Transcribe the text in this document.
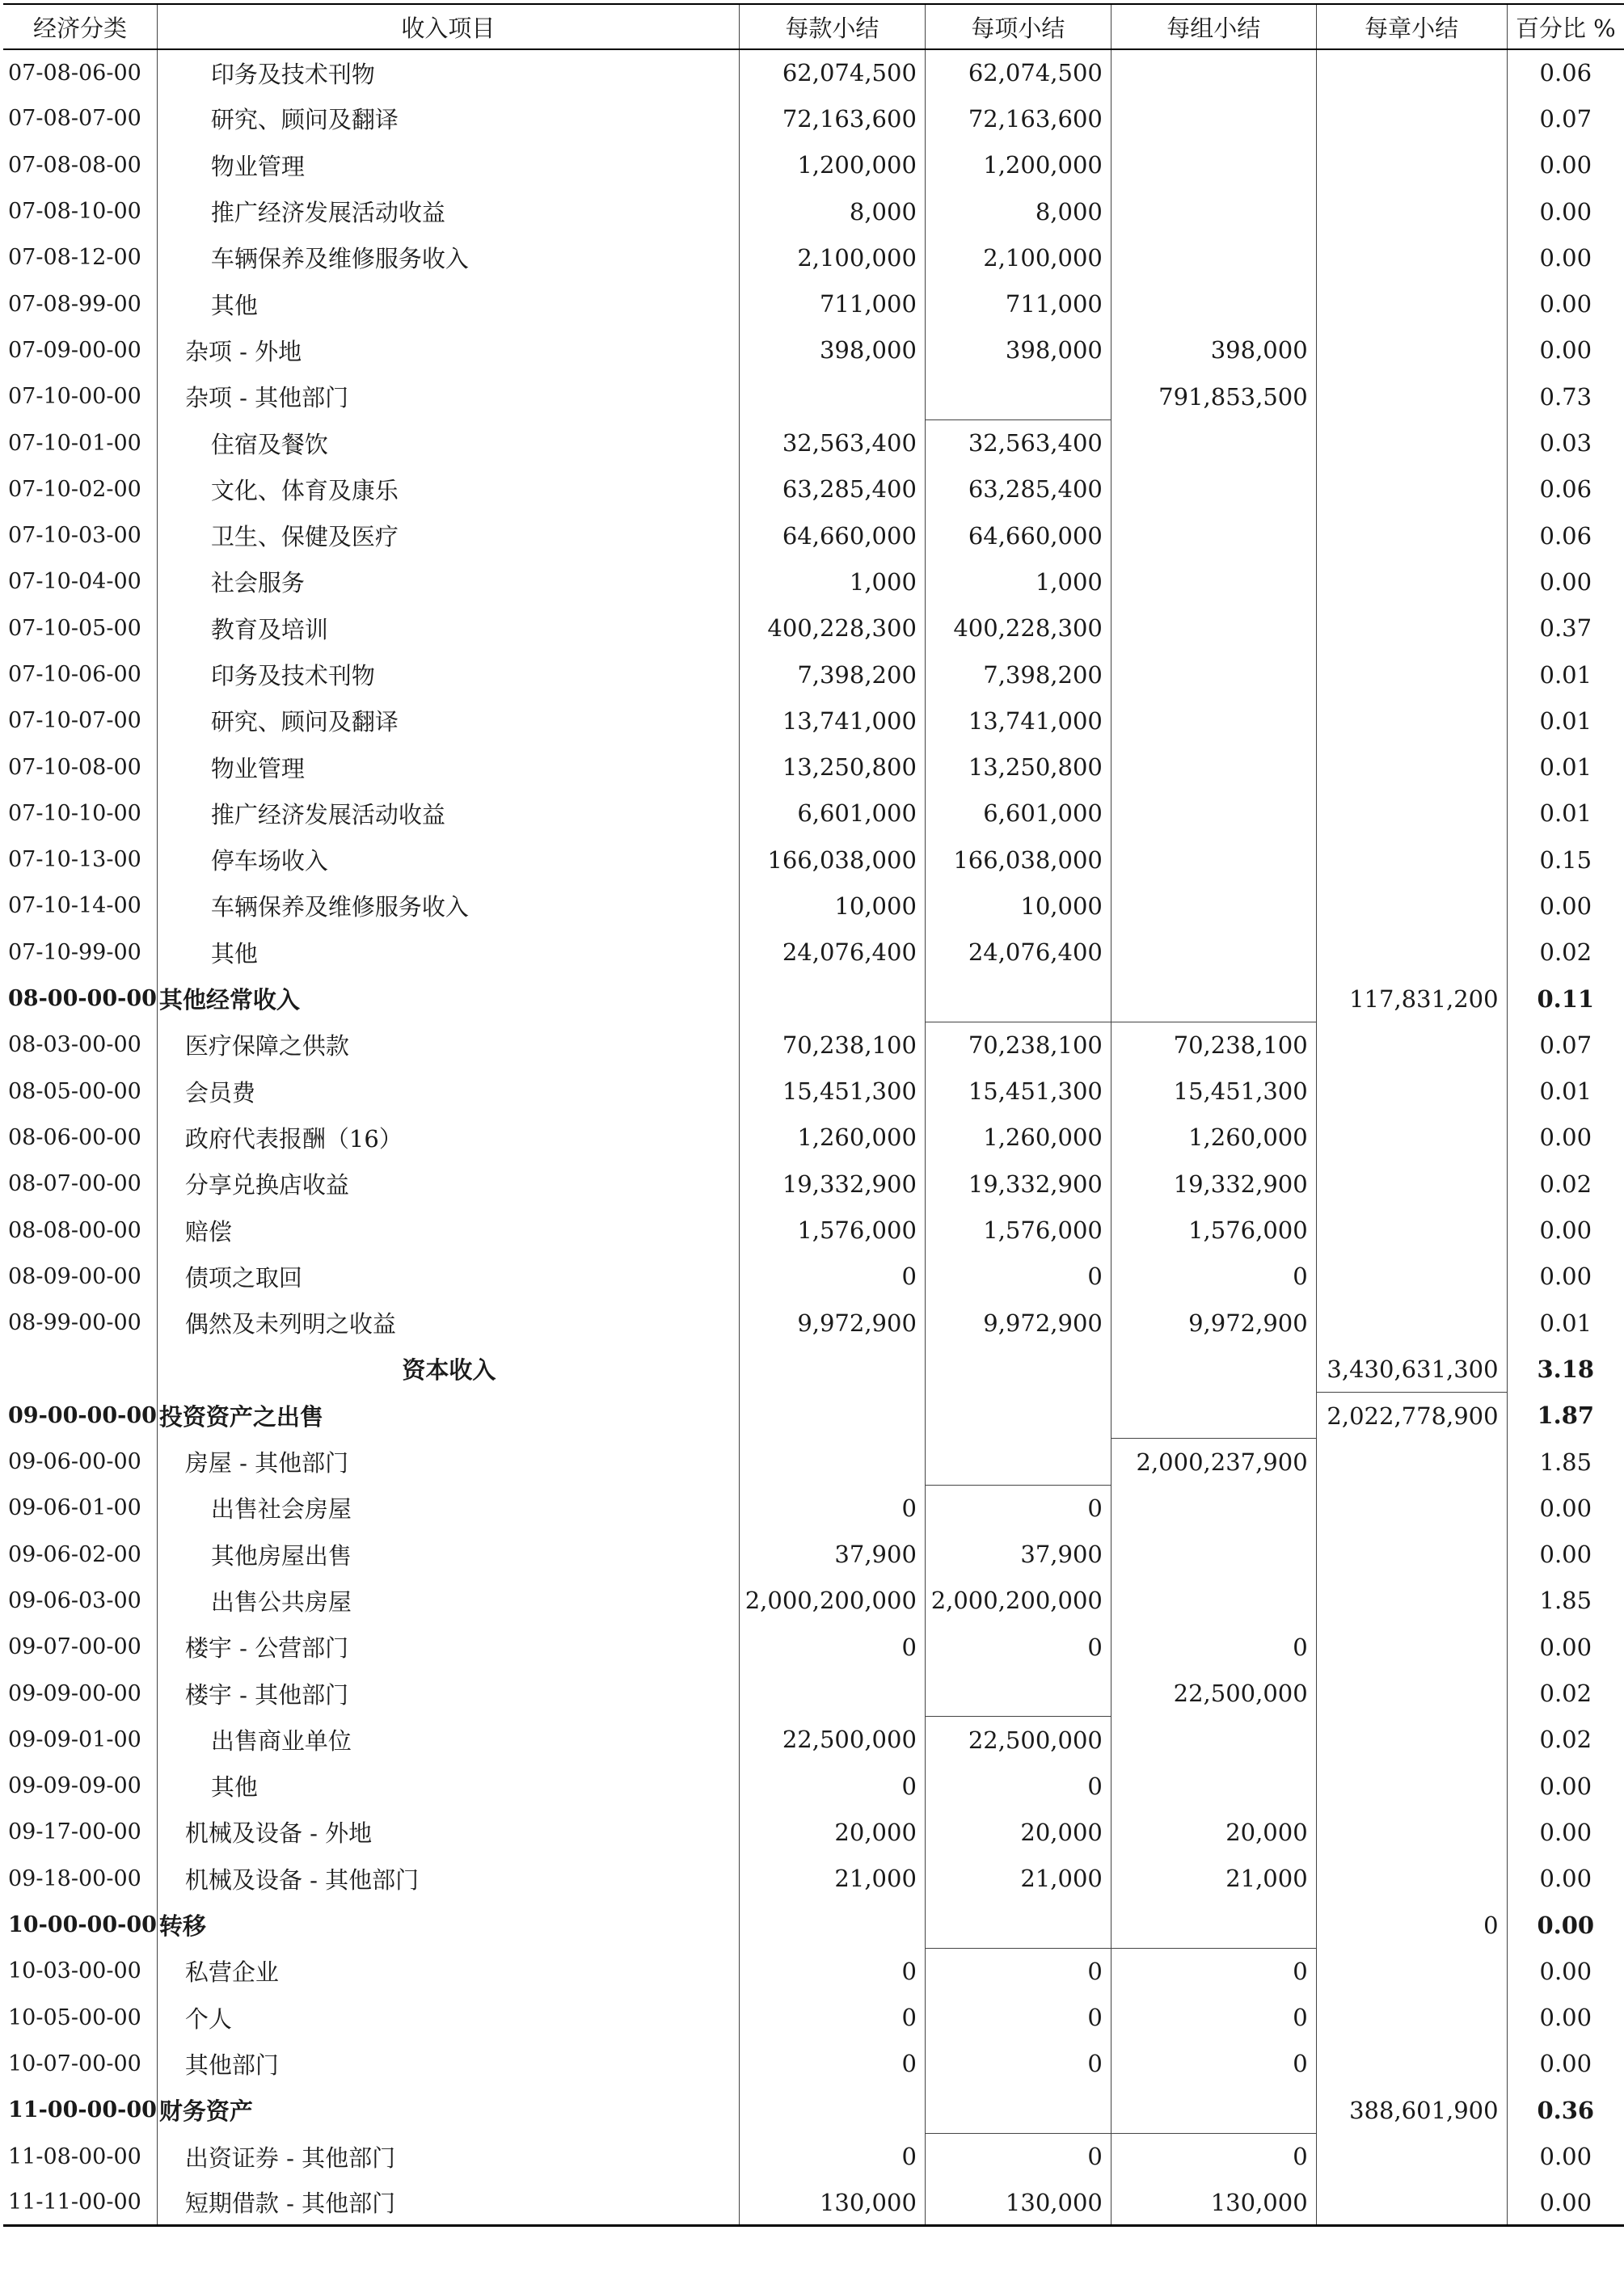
经济分类	收入项目	每款小结	每项小结	每组小结	每章小结	百分比 %
07-08-06-00	印务及技术刊物	62,074,500	62,074,500			0.06
07-08-07-00	研究、顾问及翻译	72,163,600	72,163,600			0.07
07-08-08-00	物业管理	1,200,000	1,200,000			0.00
07-08-10-00	推广经济发展活动收益	8,000	8,000			0.00
07-08-12-00	车辆保养及维修服务收入	2,100,000	2,100,000			0.00
07-08-99-00	其他	711,000	711,000			0.00
07-09-00-00	杂项 - 外地	398,000	398,000	398,000		0.00
07-10-00-00	杂项 - 其他部门			791,853,500		0.73
07-10-01-00	住宿及餐饮	32,563,400	32,563,400			0.03
07-10-02-00	文化、体育及康乐	63,285,400	63,285,400			0.06
07-10-03-00	卫生、保健及医疗	64,660,000	64,660,000			0.06
07-10-04-00	社会服务	1,000	1,000			0.00
07-10-05-00	教育及培训	400,228,300	400,228,300			0.37
07-10-06-00	印务及技术刊物	7,398,200	7,398,200			0.01
07-10-07-00	研究、顾问及翻译	13,741,000	13,741,000			0.01
07-10-08-00	物业管理	13,250,800	13,250,800			0.01
07-10-10-00	推广经济发展活动收益	6,601,000	6,601,000			0.01
07-10-13-00	停车场收入	166,038,000	166,038,000			0.15
07-10-14-00	车辆保养及维修服务收入	10,000	10,000			0.00
07-10-99-00	其他	24,076,400	24,076,400			0.02
08-00-00-00	其他经常收入				117,831,200	0.11
08-03-00-00	医疗保障之供款	70,238,100	70,238,100	70,238,100		0.07
08-05-00-00	会员费	15,451,300	15,451,300	15,451,300		0.01
08-06-00-00	政府代表报酬（16）	1,260,000	1,260,000	1,260,000		0.00
08-07-00-00	分享兑换店收益	19,332,900	19,332,900	19,332,900		0.02
08-08-00-00	赔偿	1,576,000	1,576,000	1,576,000		0.00
08-09-00-00	债项之取回	0	0	0		0.00
08-99-00-00	偶然及未列明之收益	9,972,900	9,972,900	9,972,900		0.01
	资本收入				3,430,631,300	3.18
09-00-00-00	投资资产之出售				2,022,778,900	1.87
09-06-00-00	房屋 - 其他部门			2,000,237,900		1.85
09-06-01-00	出售社会房屋	0	0			0.00
09-06-02-00	其他房屋出售	37,900	37,900			0.00
09-06-03-00	出售公共房屋	2,000,200,000	2,000,200,000			1.85
09-07-00-00	楼宇 - 公营部门	0	0	0		0.00
09-09-00-00	楼宇 - 其他部门			22,500,000		0.02
09-09-01-00	出售商业单位	22,500,000	22,500,000			0.02
09-09-09-00	其他	0	0			0.00
09-17-00-00	机械及设备 - 外地	20,000	20,000	20,000		0.00
09-18-00-00	机械及设备 - 其他部门	21,000	21,000	21,000		0.00
10-00-00-00	转移				0	0.00
10-03-00-00	私营企业	0	0	0		0.00
10-05-00-00	个人	0	0	0		0.00
10-07-00-00	其他部门	0	0	0		0.00
11-00-00-00	财务资产				388,601,900	0.36
11-08-00-00	出资证券 - 其他部门	0	0	0		0.00
11-11-00-00	短期借款 - 其他部门	130,000	130,000	130,000		0.00
